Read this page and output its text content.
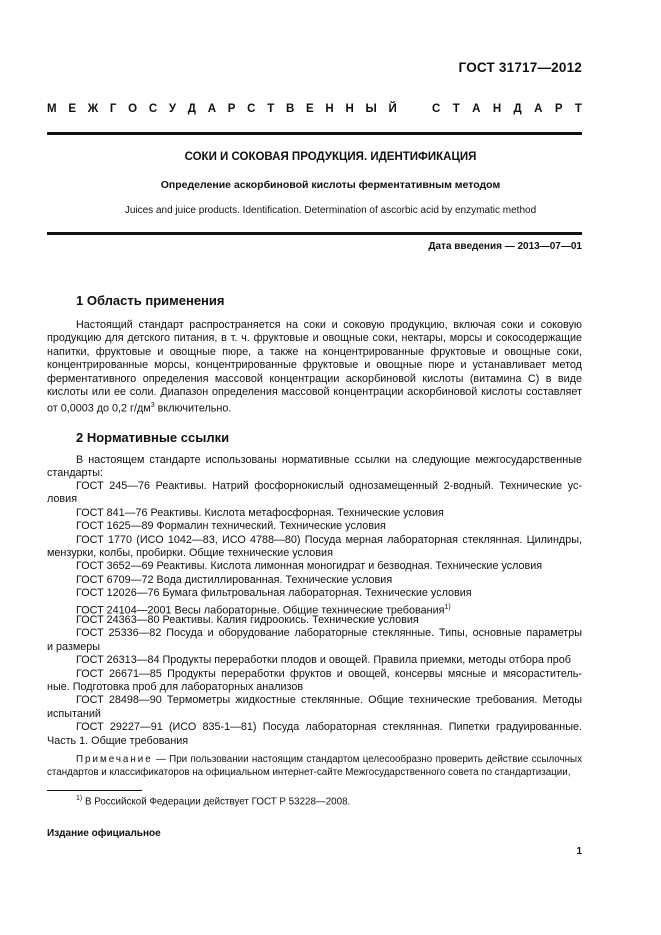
ГОСТ 31717—2012
М Е Ж Г О С У Д А Р С Т В Е Н Н Ы Й	С Т А Н Д А Р Т
СОКИ И СОКОВАЯ ПРОДУКЦИЯ. ИДЕНТИФИКАЦИЯ
Определение аскорбиновой кислоты ферментативным методом
Juices and juice products. Identification. Determination of ascorbic acid by enzymatic method
Дата введения — 2013—07—01
1 Область применения
Настоящий стандарт распространяется на соки и соковую продукцию, включая соки и соковую продукцию для детского питания, в т. ч. фруктовые и овощные соки, нектары, морсы и сокосодержащие напитки, фруктовые и овощные пюре, а также на концентрированные фруктовые и овощные соки, концентрированные морсы, концентрированные фруктовые и овощные пюре и устанавливает метод ферментативного определения массовой концентрации аскорбиновой кислоты (витамина С) в виде кислоты или ее соли. Диапазон определения массовой концентрации аскорбиновой кислоты составляет от 0,0003 до 0,2 $г/дм^3$ включительно.
2 Нормативные ссылки
В настоящем стандарте использованы нормативные ссылки на следующие межгосударственные стандарты:
ГОСТ 245—76 Реактивы. Натрий фосфорнокислый однозамещенный 2-водный. Технические ус-
ловия
ГОСТ 841—76 Реактивы. Кислота метафосфорная. Технические условия
ГОСТ 1625—89 Формалин технический. Технические условия
ГОСТ 1770 (ИСО 1042—83, ИСО 4788—80) Посуда мерная лабораторная стеклянная. Цилиндры,
мензурки, колбы, пробирки. Общие технические условия
ГОСТ 3652—69 Реактивы. Кислота лимонная моногидрат и безводная. Технические условия
ГОСТ 6709—72 Вода дистиллированная. Технические условия
ГОСТ 12026—76 Бумага фильтровальная лабораторная. Технические условия
ГОСТ 24104—2001 Весы лабораторные. Общие технические требования$^{1)}$
ГОСТ 24363—80 Реактивы. Калия гидроокись. Технические условия
ГОСТ 25336—82 Посуда и оборудование лабораторные стеклянные. Типы, основные параметры
и размеры
ГОСТ 26313—84 Продукты переработки плодов и овощей. Правила приемки, методы отбора проб
ГОСТ 26671—85 Продукты переработки фруктов и овощей, консервы мясные и мясораститель-
ные. Подготовка проб для лабораторных анализов
ГОСТ 28498—90 Термометры жидкостные стеклянные. Общие технические требования. Методы
испытаний
ГОСТ 29227—91 (ИСО 835-1—81) Посуда лабораторная стеклянная. Пипетки градуированные.
Часть 1. Общие требования
Примечание — При пользовании настоящим стандартом целесообразно проверить действие ссылочных стандартов и классификаторов на официальном интернет-сайте Межгосударственного совета по стандартизации,
$^{1)}$ В Российской Федерации действует ГОСТ Р 53228—2008.
Издание официальное
1
